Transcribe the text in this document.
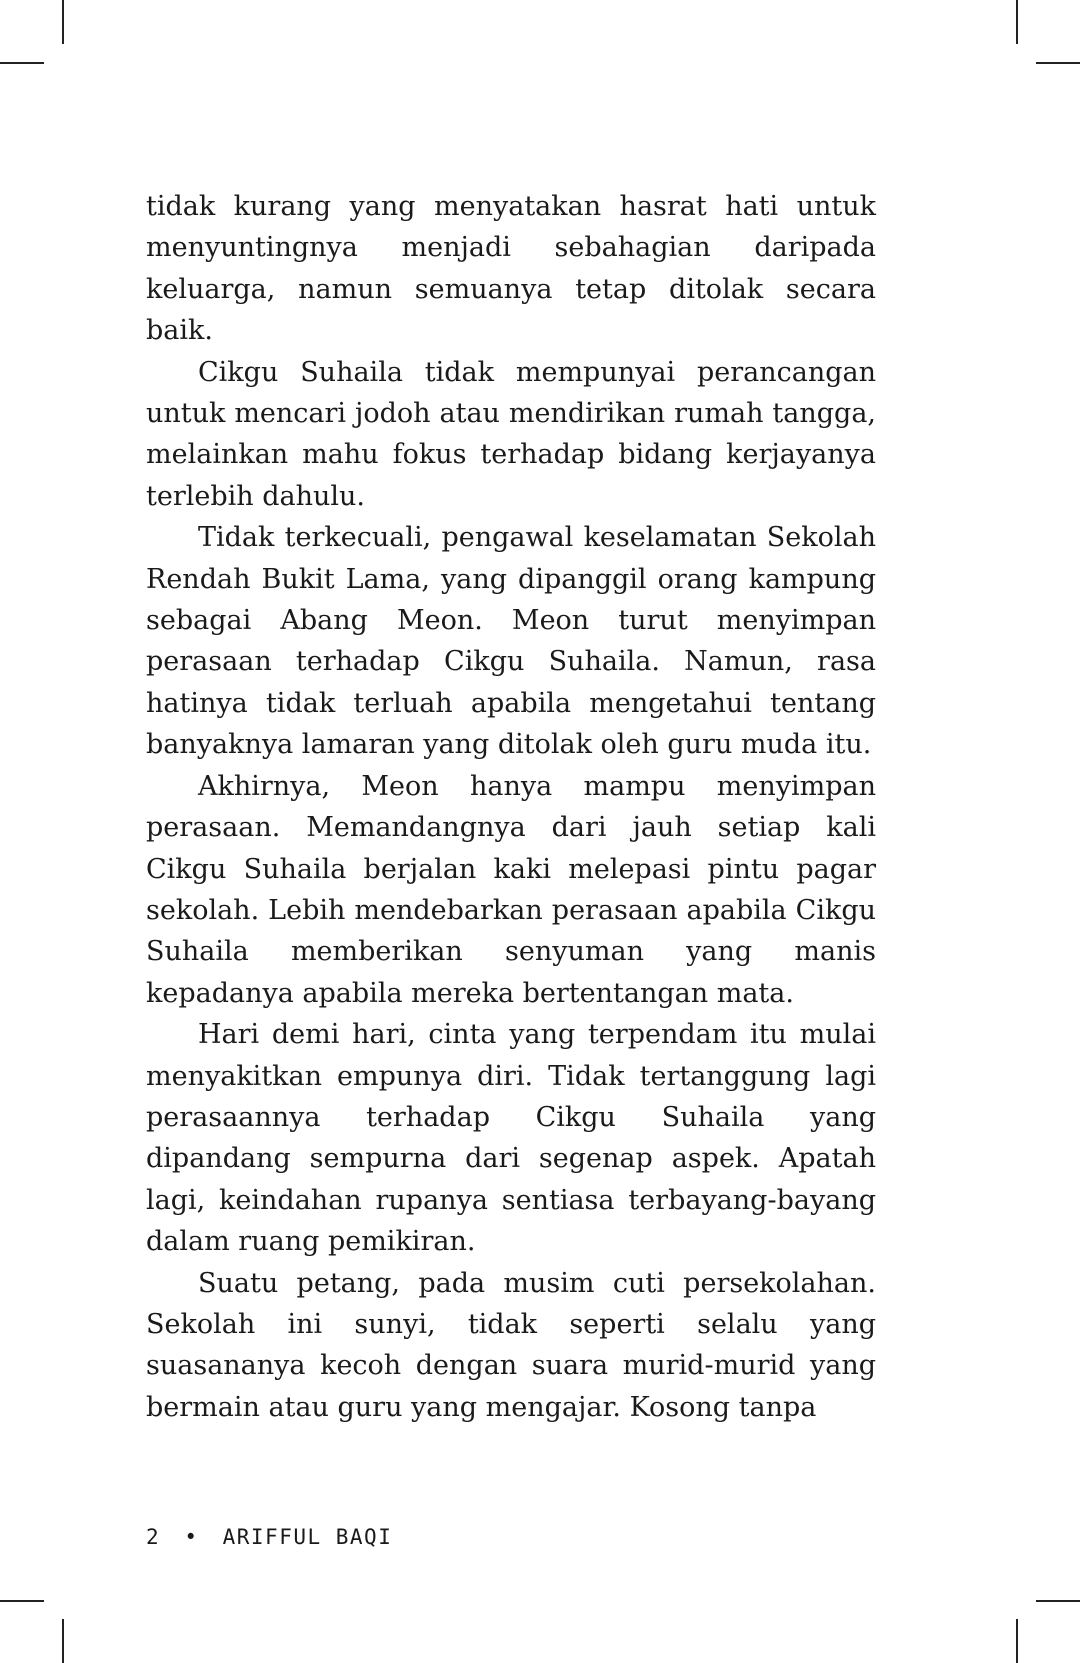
tidak kurang yang menyatakan hasrat hati untuk menyuntingnya menjadi sebahagian daripada keluarga, namun semuanya tetap ditolak secara baik.

Cikgu Suhaila tidak mempunyai perancangan untuk mencari jodoh atau mendirikan rumah tangga, melainkan mahu fokus terhadap bidang kerjayanya terlebih dahulu.

Tidak terkecuali, pengawal keselamatan Sekolah Rendah Bukit Lama, yang dipanggil orang kampung sebagai Abang Meon. Meon turut menyimpan perasaan terhadap Cikgu Suhaila. Namun, rasa hatinya tidak terluah apabila mengetahui tentang banyaknya lamaran yang ditolak oleh guru muda itu.

Akhirnya, Meon hanya mampu menyimpan perasaan. Memandangnya dari jauh setiap kali Cikgu Suhaila berjalan kaki melepasi pintu pagar sekolah. Lebih mendebarkan perasaan apabila Cikgu Suhaila memberikan senyuman yang manis kepadanya apabila mereka bertentangan mata.

Hari demi hari, cinta yang terpendam itu mulai menyakitkan empunya diri. Tidak tertanggung lagi perasaannya terhadap Cikgu Suhaila yang dipandang sempurna dari segenap aspek. Apatah lagi, keindahan rupanya sentiasa terbayang-bayang dalam ruang pemikiran.

Suatu petang, pada musim cuti persekolahan. Sekolah ini sunyi, tidak seperti selalu yang suasananya kecoh dengan suara murid-murid yang bermain atau guru yang mengajar. Kosong tanpa

2 • ARIFFUL BAQI
